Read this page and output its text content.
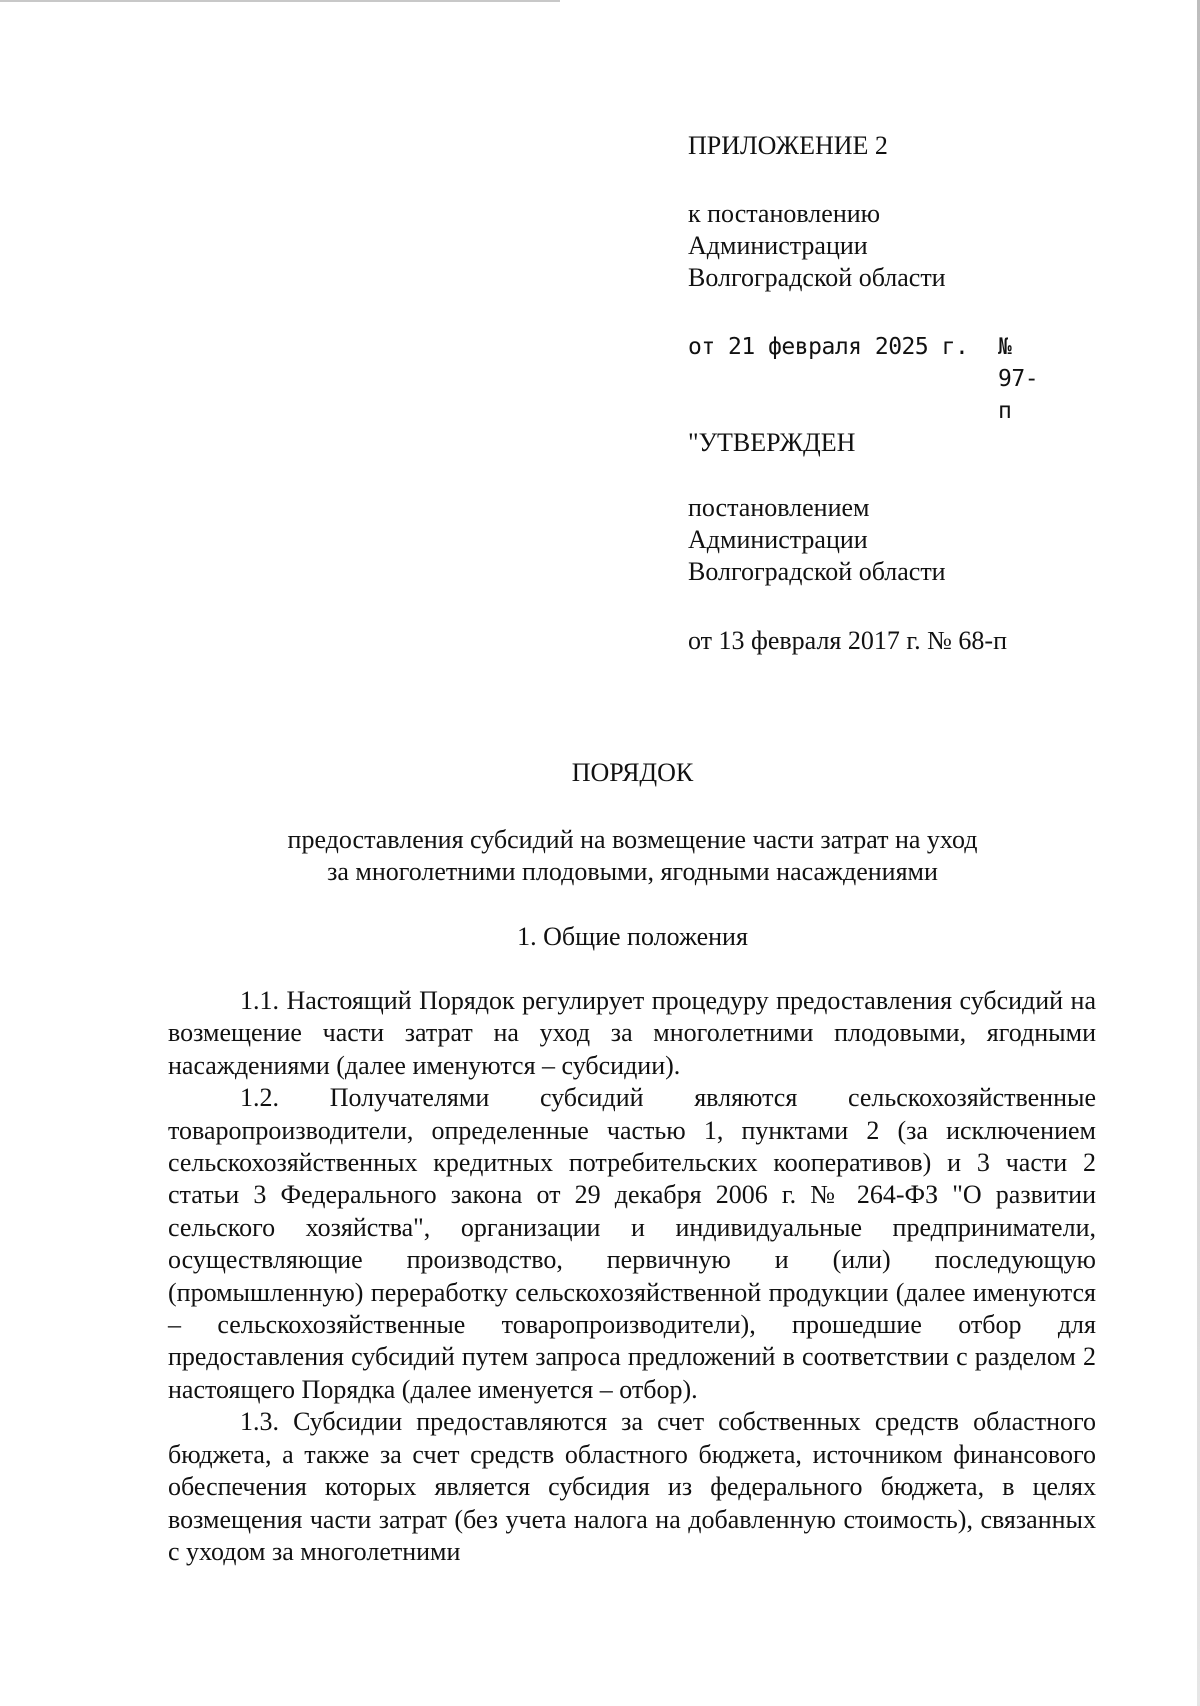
ПРИЛОЖЕНИЕ 2
к постановлению
Администрации
Волгоградской области
от 21 февраля 2025 г. № 97-п
"УТВЕРЖДЕН
постановлением
Администрации
Волгоградской области
от 13 февраля 2017 г. № 68-п
ПОРЯДОК
предоставления субсидий на возмещение части затрат на уход
за многолетними плодовыми, ягодными насаждениями
1. Общие положения

1.1. Настоящий Порядок регулирует процедуру предоставления субсидий на возмещение части затрат на уход за многолетними плодовыми, ягодными насаждениями (далее именуются – субсидии).

1.2. Получателями субсидий являются сельскохозяйственные товаропроизводители, определенные частью 1, пунктами 2 (за исключением сельскохозяйственных кредитных потребительских кооперативов) и 3 части 2 статьи 3 Федерального закона от 29 декабря 2006 г. № 264-ФЗ "О развитии сельского хозяйства", организации и индивидуальные предприниматели, осуществляющие производство, первичную и (или) последующую (промышленную) переработку сельскохозяйственной продукции (далее именуются – сельскохозяйственные товаропроизводители), прошедшие отбор для предоставления субсидий путем запроса предложений в соответствии с разделом 2 настоящего Порядка (далее именуется – отбор).

1.3. Субсидии предоставляются за счет собственных средств областного бюджета, а также за счет средств областного бюджета, источником финансового обеспечения которых является субсидия из федерального бюджета, в целях возмещения части затрат (без учета налога на добавленную стоимость), связанных с уходом за многолетними
